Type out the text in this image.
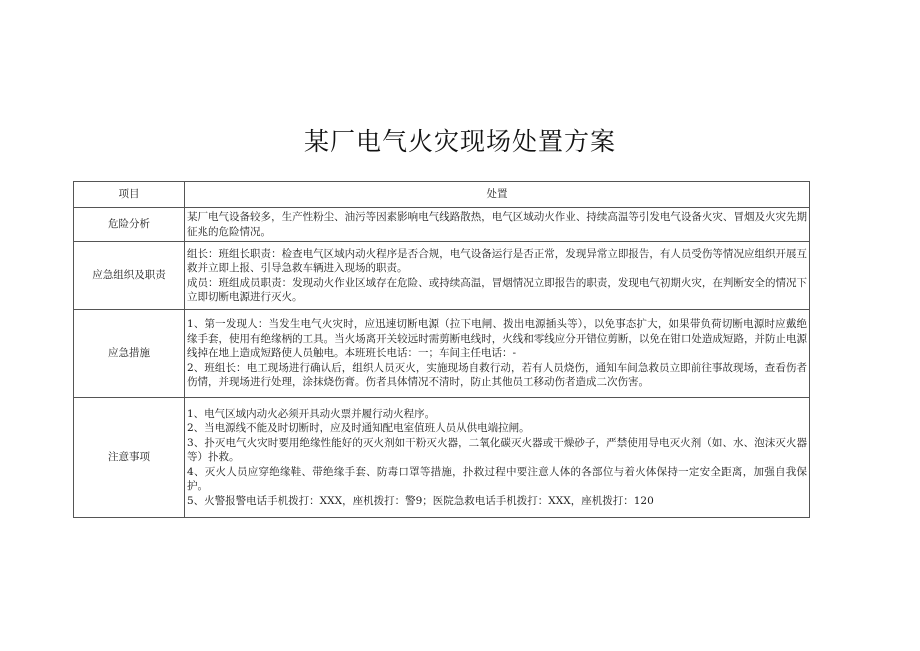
某厂电气火灾现场处置方案
项目	处置
危险分析	某厂电气设备较多，生产性粉尘、油污等因素影响电气线路散热，电气区域动火作业、持续高温等引发电气设备火灾、冒烟及火灾先期征兆的危险情况。

应急组织及职责	组长：班组长职责：检查电气区域内动火程序是否合规，电气设备运行是否正常，发现异常立即报告，有人员受伤等情况应组织开展互救并立即上报、引导急救车辆进入现场的职责。
成员：班组成员职责：发现动火作业区域存在危险、或持续高温，冒烟情况立即报告的职责，发现电气初期火灾，在判断安全的情况下立即切断电源进行灭火。

应急措施	1、第一发现人：当发生电气火灾时，应迅速切断电源（拉下电闸、拨出电源插头等），以免事态扩大，如果带负荷切断电源时应戴绝缘手套，使用有绝缘柄的工具。当火场离开关较远时需剪断电线时，火线和零线应分开错位剪断，以免在钳口处造成短路，并防止电源线掉在地上造成短路使人员触电。本班班长电话：一；车间主任电话：-
2、班组长：电工现场进行确认后，组织人员灭火，实施现场自救行动，若有人员烧伤，通知车间急救员立即前往事故现场，查看伤者伤情，并现场进行处理，涂抹烧伤膏。伤者具体情况不清时，防止其他员工移动伤者造成二次伤害。

注意事项	1、电气区域内动火必须开具动火票并履行动火程序。
2、当电源线不能及时切断时，应及时通知配电室值班人员从供电端拉闸。
3、扑灭电气火灾时要用绝缘性能好的灭火剂如干粉灭火器，二氧化碳灭火器或干燥砂子，严禁使用导电灭火剂（如、水、泡沫灭火器等）扑救。
4、灭火人员应穿绝缘鞋、带绝缘手套、防毒口罩等措施，扑救过程中要注意人体的各部位与着火体保持一定安全距离，加强自我保护。
5、火警报警电话手机拨打：XXX，座机拨打：警9；医院急救电话手机拨打：XXX，座机拨打：120
